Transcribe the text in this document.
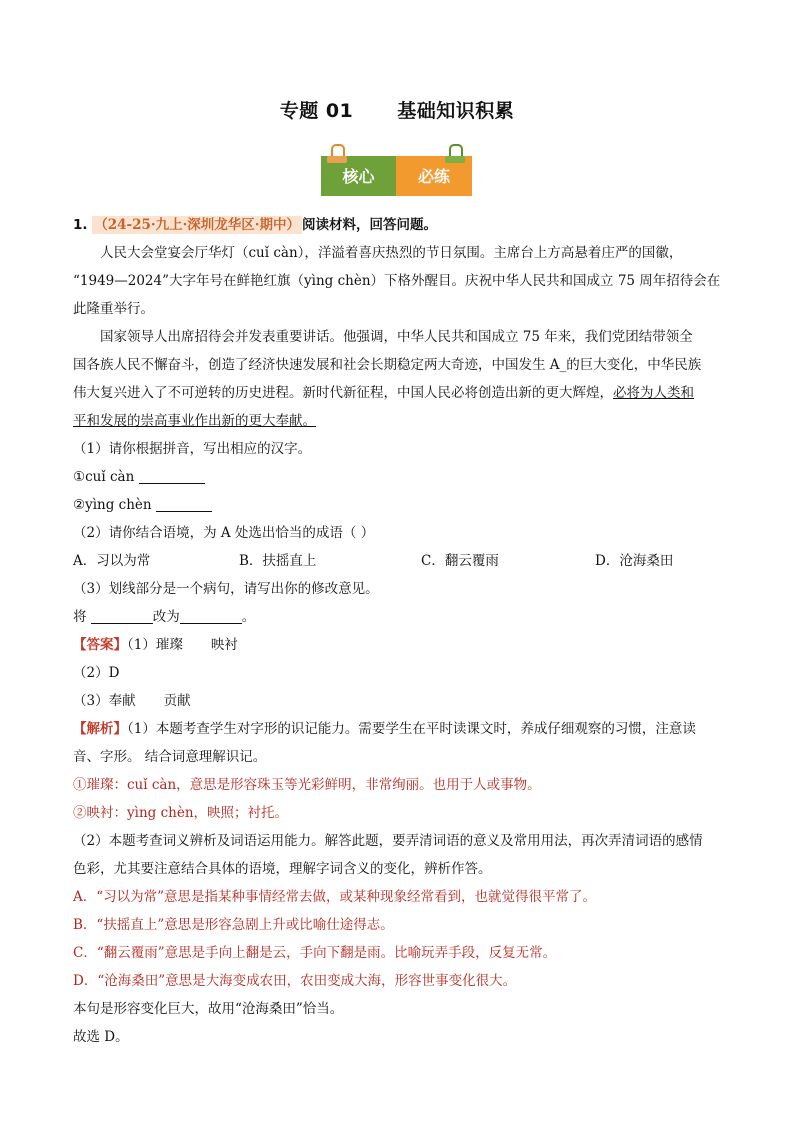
专题 01 基础知识积累
核心	必练
1. （24-25·九上·深圳龙华区·期中） 阅读材料，回答问题。
人民大会堂宴会厅华灯（cuǐ càn），洋溢着喜庆热烈的节日氛围。主席台上方高悬着庄严的国徽，
“1949—2024”大字年号在鲜艳红旗（yìng chèn）下格外醒目。庆祝中华人民共和国成立 75 周年招待会在
此隆重举行。
国家领导人出席招待会并发表重要讲话。他强调，中华人民共和国成立 75 年来，我们党团结带领全
国各族人民不懈奋斗，创造了经济快速发展和社会长期稳定两大奇迹，中国发生 A_的巨大变化，中华民族
伟大复兴进入了不可逆转的历史进程。新时代新征程，中国人民必将创造出新的更大辉煌，必将为人类和
平和发展的崇高事业作出新的更大奉献。
（1）请你根据拼音，写出相应的汉字。
①cuǐ càn
②yìng chèn
（2）请你结合语境，为 A 处选出恰当的成语（ ）
A．习以为常	B．扶摇直上	C．翻云覆雨	D．沧海桑田
（3）划线部分是一个病句，请写出你的修改意见。
将	改为	。
【答案】（1）璀璨 映衬
（2）D
（3）奉献 贡献
【解析】（1）本题考查学生对字形的识记能力。需要学生在平时读课文时，养成仔细观察的习惯，注意读
音、字形。 结合词意理解识记。
①璀璨：cuǐ càn，意思是形容珠玉等光彩鲜明，非常绚丽。也用于人或事物。
②映衬：yìng chèn，映照；衬托。
（2）本题考查词义辨析及词语运用能力。解答此题，要弄清词语的意义及常用用法，再次弄清词语的感情
色彩，尤其要注意结合具体的语境，理解字词含义的变化，辨析作答。
A．“习以为常”意思是指某种事情经常去做，或某种现象经常看到，也就觉得很平常了。
B．“扶摇直上”意思是形容急剧上升或比喻仕途得志。
C．“翻云覆雨”意思是手向上翻是云，手向下翻是雨。比喻玩弄手段，反复无常。
D．“沧海桑田”意思是大海变成农田，农田变成大海，形容世事变化很大。
本句是形容变化巨大，故用“沧海桑田”恰当。
故选 D。
